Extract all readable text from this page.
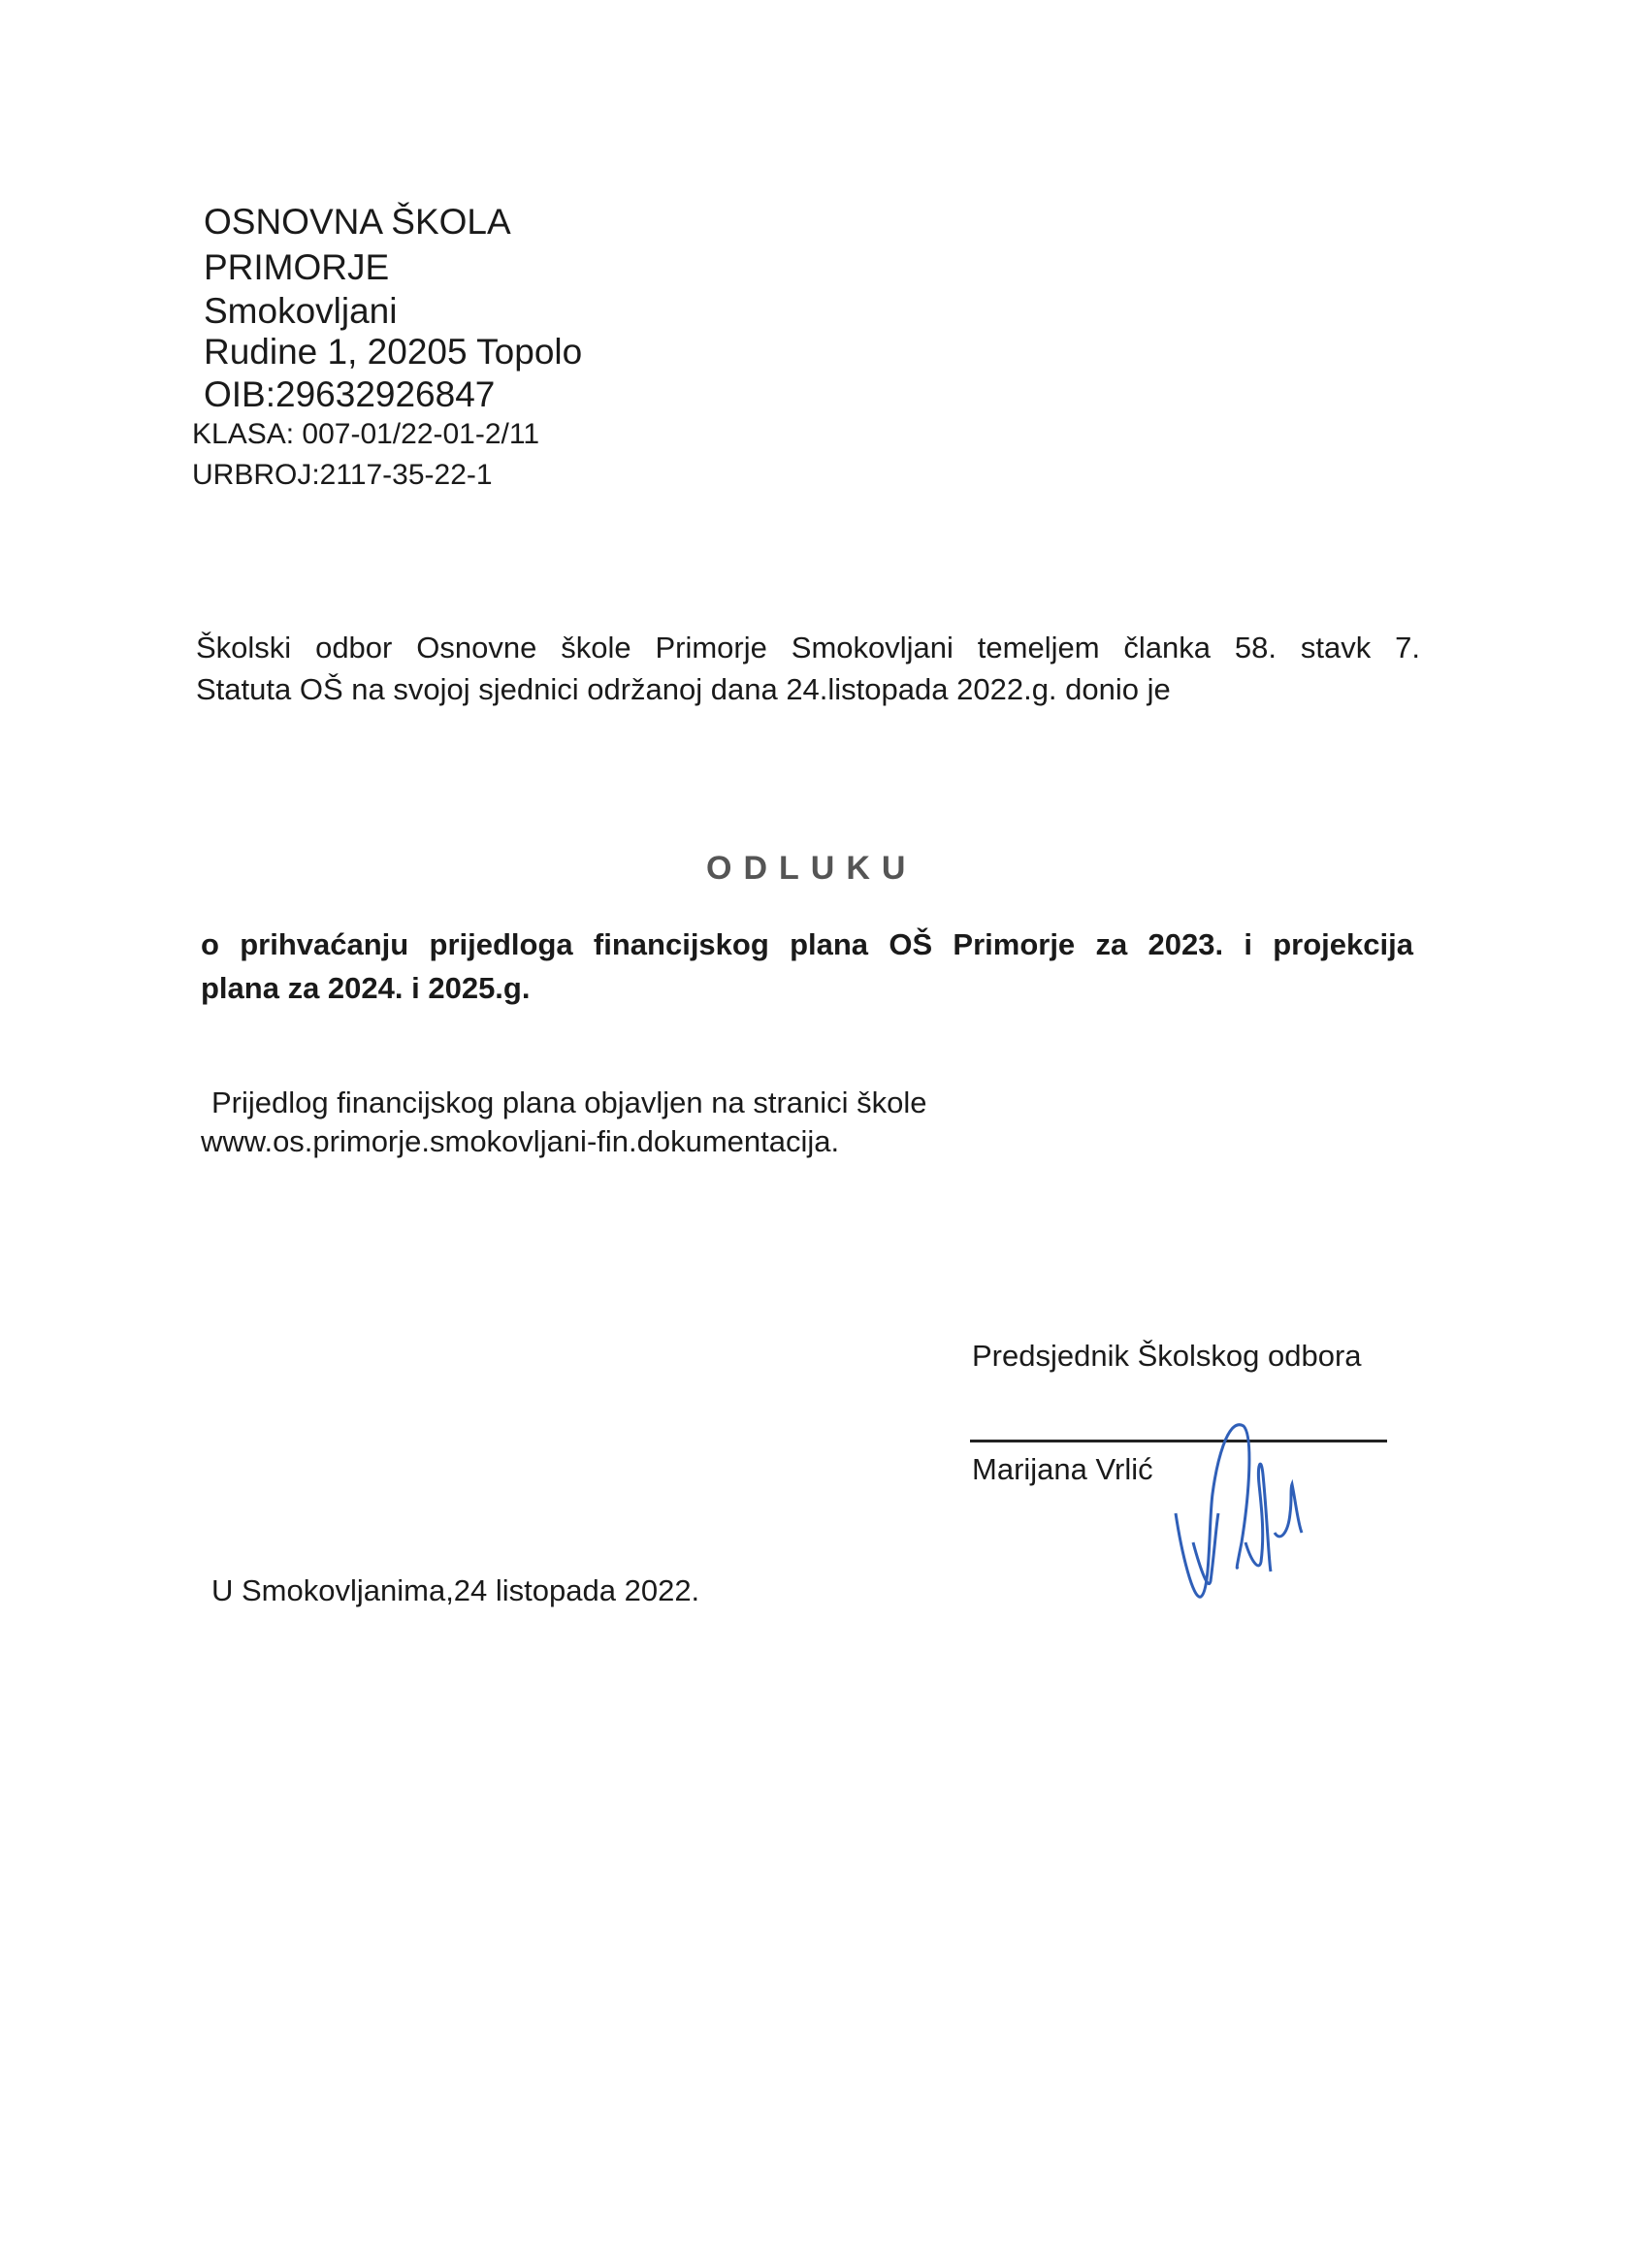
OSNOVNA ŠKOLA
PRIMORJE
Smokovljani
Rudine 1, 20205 Topolo
OIB:29632926847
KLASA: 007-01/22-01-2/11
URBROJ:2117-35-22-1
Školski odbor Osnovne škole Primorje Smokovljani temeljem članka 58. stavk 7.
Statuta OŠ na svojoj sjednici održanoj dana 24.listopada 2022.g. donio je
ODLUKU
o prihvaćanju prijedloga financijskog plana OŠ Primorje za 2023. i projekcija
plana za 2024. i 2025.g.
Prijedlog financijskog plana objavljen na stranici škole
www.os.primorje.smokovljani-fin.dokumentacija.
Predsjednik Školskog odbora
Marijana Vrlić
U Smokovljanima,24 listopada 2022.
